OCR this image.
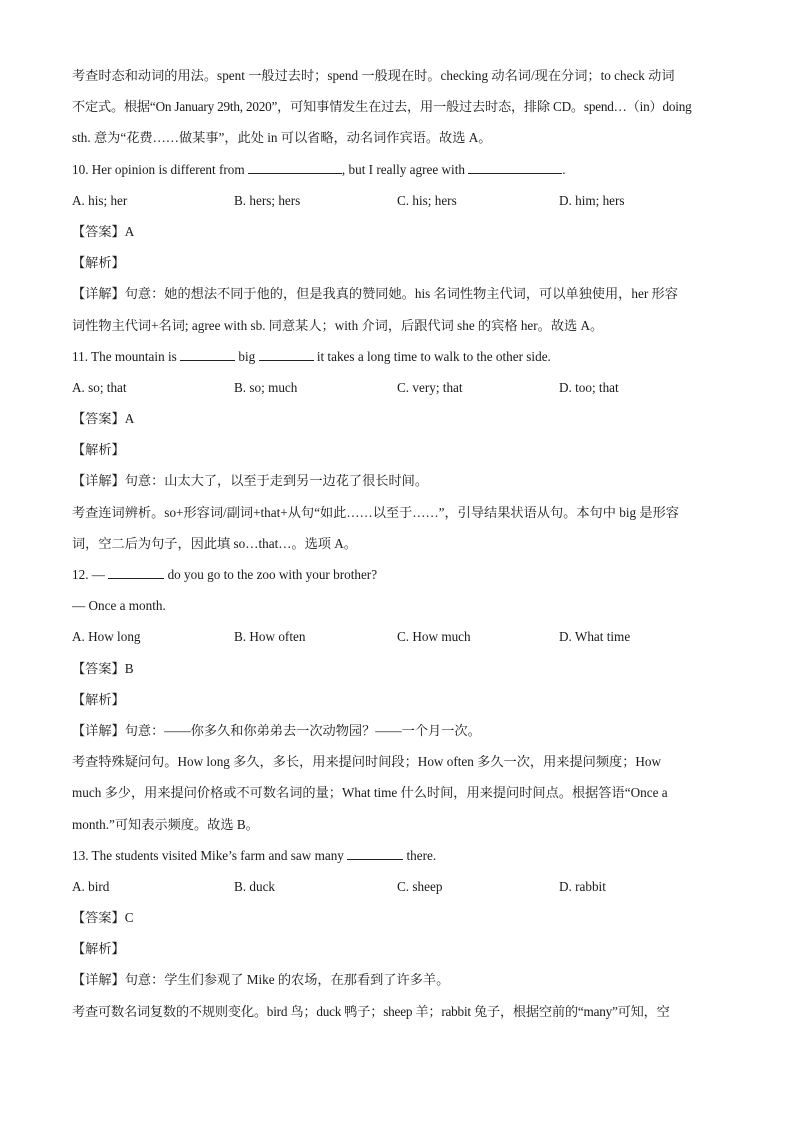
考查时态和动词的用法。spent 一般过去时；spend 一般现在时。checking 动名词/现在分词；to check 动词
不定式。根据“On January 29th, 2020”，可知事情发生在过去，用一般过去时态，排除 CD。spend…（in）doing
sth. 意为“花费……做某事”，此处 in 可以省略，动名词作宾语。故选 A。
10. Her opinion is different from	, but I really agree with	.
A. his; her	B. hers; hers	C. his; hers	D. him; hers
【答案】A
【解析】
【详解】句意：她的想法不同于他的，但是我真的赞同她。his 名词性物主代词，可以单独使用，her 形容
词性物主代词+名词; agree with sb. 同意某人；with 介词，后跟代词 she 的宾格 her。故选 A。
11. The mountain is	big	it takes a long time to walk to the other side.
A. so; that	B. so; much	C. very; that	D. too; that
【答案】A
【解析】
【详解】句意：山太大了，以至于走到另一边花了很长时间。
考查连词辨析。so+形容词/副词+that+从句“如此……以至于……”，引导结果状语从句。本句中 big 是形容
词，空二后为句子，因此填 so…that…。选项 A。
12. —	do you go to the zoo with your brother?
— Once a month.
A. How long	B. How often	C. How much	D. What time
【答案】B
【解析】
【详解】句意：——你多久和你弟弟去一次动物园？——一个月一次。
考查特殊疑问句。How long 多久，多长，用来提问时间段；How often 多久一次，用来提问频度；How
much 多少，用来提问价格或不可数名词的量；What time 什么时间，用来提问时间点。根据答语“Once a
month.”可知表示频度。故选 B。
13. The students visited Mike’s farm and saw many	there.
A. bird	B. duck	C. sheep	D. rabbit
【答案】C
【解析】
【详解】句意：学生们参观了 Mike 的农场，在那看到了许多羊。
考查可数名词复数的不规则变化。bird 鸟；duck 鸭子；sheep 羊；rabbit 兔子，根据空前的“many”可知，空
